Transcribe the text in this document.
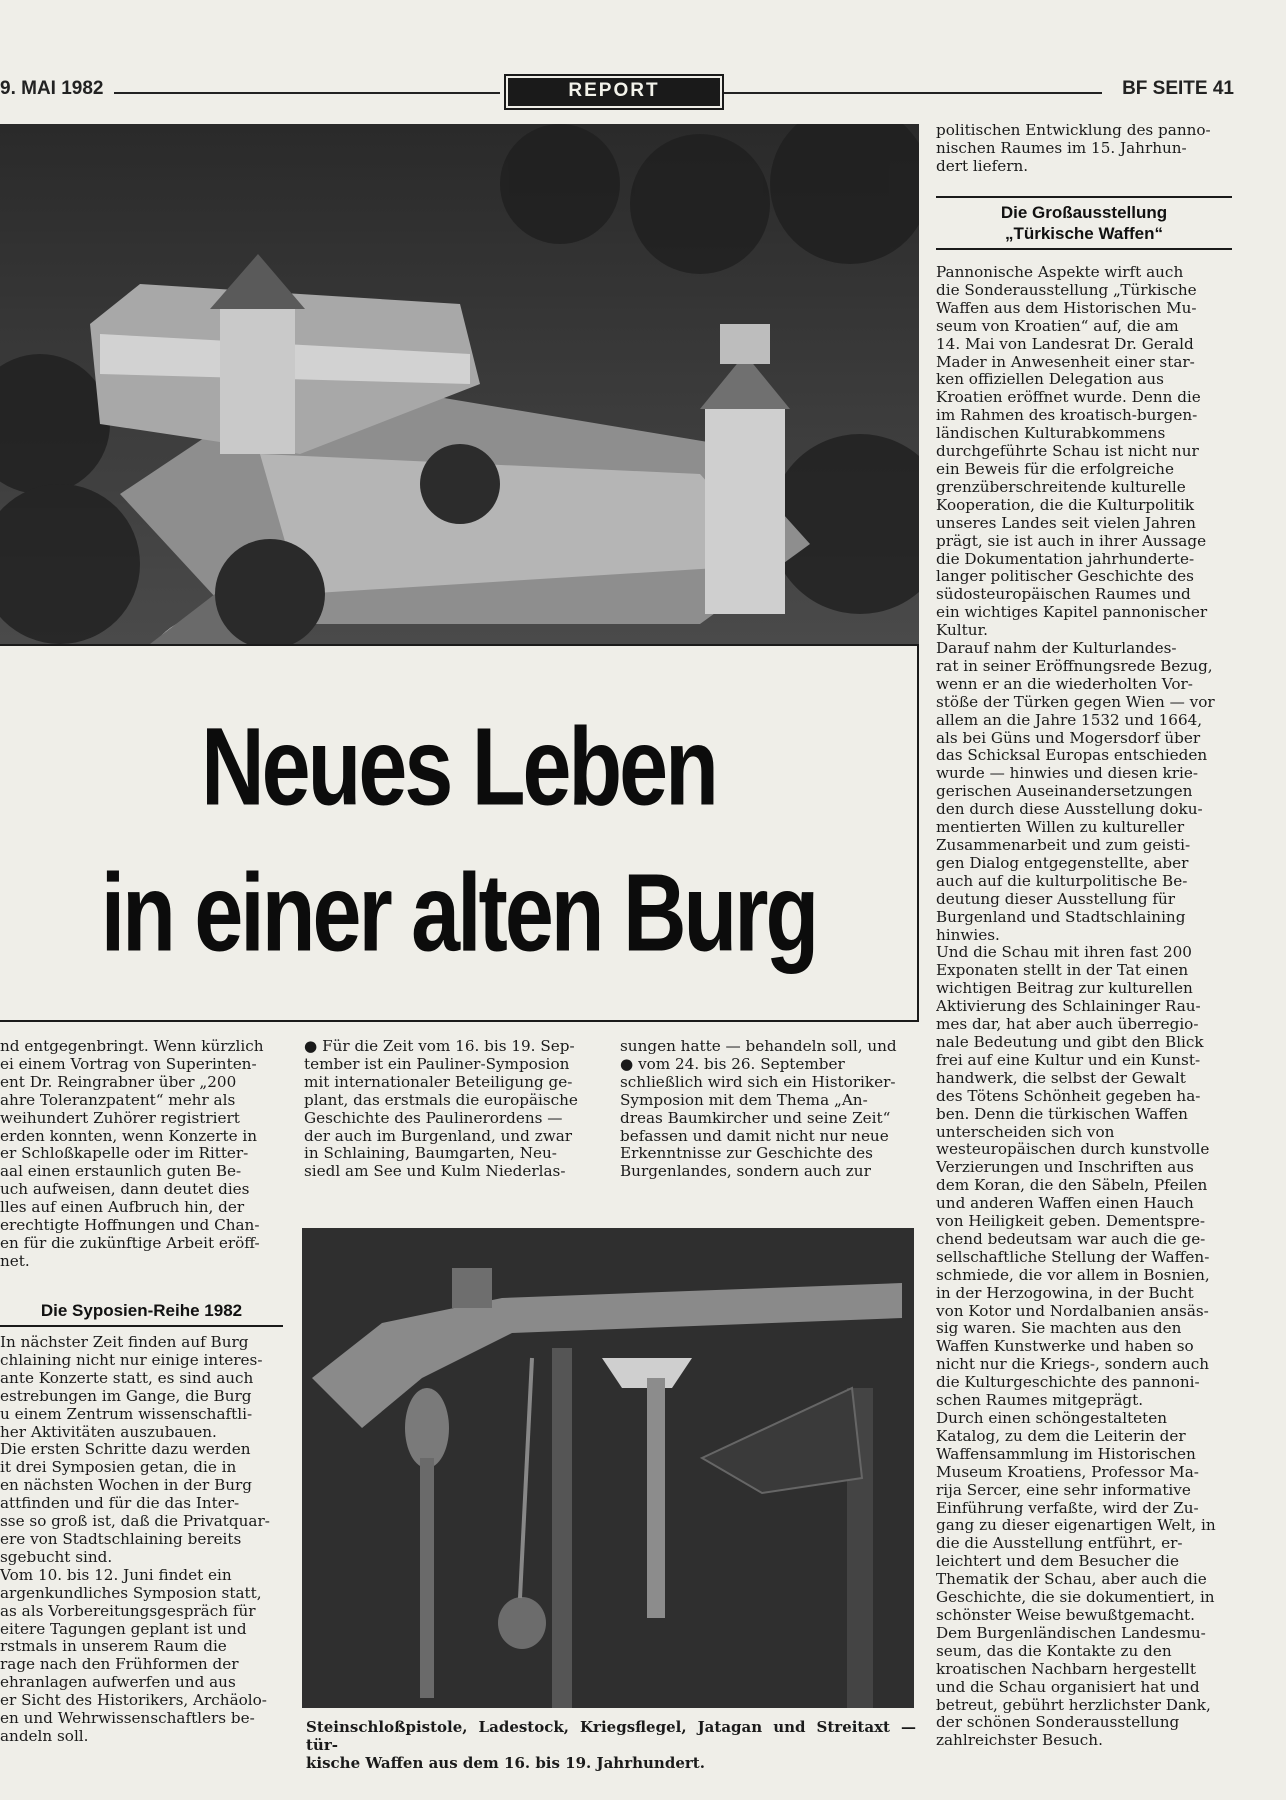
9. MAI 1982	REPORT	BF SEITE 41
Neues Leben
in einer alten Burg
nd entgegenbringt. Wenn kürzlich
ei einem Vortrag von Superinten-
ent Dr. Reingrabner über „200
ahre Toleranzpatent“ mehr als
weihundert Zuhörer registriert
erden konnten, wenn Konzerte in
er Schloßkapelle oder im Ritter-
aal einen erstaunlich guten Be-
uch aufweisen, dann deutet dies
lles auf einen Aufbruch hin, der
erechtigte Hoffnungen und Chan-
en für die zukünftige Arbeit eröff-
net.
Die Syposien-Reihe 1982
In nächster Zeit finden auf Burg
chlaining nicht nur einige interes-
ante Konzerte statt, es sind auch
estrebungen im Gange, die Burg
u einem Zentrum wissenschaftli-
her Aktivitäten auszubauen.
Die ersten Schritte dazu werden
it drei Symposien getan, die in
en nächsten Wochen in der Burg
attfinden und für die das Inter-
sse so groß ist, daß die Privatquar-
ere von Stadtschlaining bereits
sgebucht sind.
Vom 10. bis 12. Juni findet ein
argenkundliches Symposion statt,
as als Vorbereitungsgespräch für
eitere Tagungen geplant ist und
rstmals in unserem Raum die
rage nach den Frühformen der
ehranlagen aufwerfen und aus
er Sicht des Historikers, Archäolo-
en und Wehrwissenschaftlers be-
andeln soll.
● Für die Zeit vom 16. bis 19. Sep-
tember ist ein Pauliner-Symposion
mit internationaler Beteiligung ge-
plant, das erstmals die europäische
Geschichte des Paulinerordens —
der auch im Burgenland, und zwar
in Schlaining, Baumgarten, Neu-
siedl am See und Kulm Niederlas-
sungen hatte — behandeln soll, und
● vom 24. bis 26. September
schließlich wird sich ein Historiker-
Symposion mit dem Thema „An-
dreas Baumkircher und seine Zeit“
befassen und damit nicht nur neue
Erkenntnisse zur Geschichte des
Burgenlandes, sondern auch zur
Steinschloßpistole, Ladestock, Kriegsflegel, Jatagan und Streitaxt — tür-
kische Waffen aus dem 16. bis 19. Jahrhundert.
politischen Entwicklung des panno-
nischen Raumes im 15. Jahrhun-
dert liefern.
Die Großausstellung
„Türkische Waffen“
Pannonische Aspekte wirft auch
die Sonderausstellung „Türkische
Waffen aus dem Historischen Mu-
seum von Kroatien“ auf, die am
14. Mai von Landesrat Dr. Gerald
Mader in Anwesenheit einer star-
ken offiziellen Delegation aus
Kroatien eröffnet wurde. Denn die
im Rahmen des kroatisch-burgen-
ländischen Kulturabkommens
durchgeführte Schau ist nicht nur
ein Beweis für die erfolgreiche
grenzüberschreitende kulturelle
Kooperation, die die Kulturpolitik
unseres Landes seit vielen Jahren
prägt, sie ist auch in ihrer Aussage
die Dokumentation jahrhunderte-
langer politischer Geschichte des
südosteuropäischen Raumes und
ein wichtiges Kapitel pannonischer
Kultur.
Darauf nahm der Kulturlandes-
rat in seiner Eröffnungsrede Bezug,
wenn er an die wiederholten Vor-
stöße der Türken gegen Wien — vor
allem an die Jahre 1532 und 1664,
als bei Güns und Mogersdorf über
das Schicksal Europas entschieden
wurde — hinwies und diesen krie-
gerischen Auseinandersetzungen
den durch diese Ausstellung doku-
mentierten Willen zu kultureller
Zusammenarbeit und zum geisti-
gen Dialog entgegenstellte, aber
auch auf die kulturpolitische Be-
deutung dieser Ausstellung für
Burgenland und Stadtschlaining
hinwies.
Und die Schau mit ihren fast 200
Exponaten stellt in der Tat einen
wichtigen Beitrag zur kulturellen
Aktivierung des Schlaininger Rau-
mes dar, hat aber auch überregio-
nale Bedeutung und gibt den Blick
frei auf eine Kultur und ein Kunst-
handwerk, die selbst der Gewalt
des Tötens Schönheit gegeben ha-
ben. Denn die türkischen Waffen
unterscheiden sich von
westeuropäischen durch kunstvolle
Verzierungen und Inschriften aus
dem Koran, die den Säbeln, Pfeilen
und anderen Waffen einen Hauch
von Heiligkeit geben. Dementspre-
chend bedeutsam war auch die ge-
sellschaftliche Stellung der Waffen-
schmiede, die vor allem in Bosnien,
in der Herzogowina, in der Bucht
von Kotor und Nordalbanien ansäs-
sig waren. Sie machten aus den
Waffen Kunstwerke und haben so
nicht nur die Kriegs-, sondern auch
die Kulturgeschichte des pannoni-
schen Raumes mitgeprägt.
Durch einen schöngestalteten
Katalog, zu dem die Leiterin der
Waffensammlung im Historischen
Museum Kroatiens, Professor Ma-
rija Sercer, eine sehr informative
Einführung verfaßte, wird der Zu-
gang zu dieser eigenartigen Welt, in
die die Ausstellung entführt, er-
leichtert und dem Besucher die
Thematik der Schau, aber auch die
Geschichte, die sie dokumentiert, in
schönster Weise bewußtgemacht.
Dem Burgenländischen Landesmu-
seum, das die Kontakte zu den
kroatischen Nachbarn hergestellt
und die Schau organisiert hat und
betreut, gebührt herzlichster Dank,
der schönen Sonderausstellung
zahlreichster Besuch.
